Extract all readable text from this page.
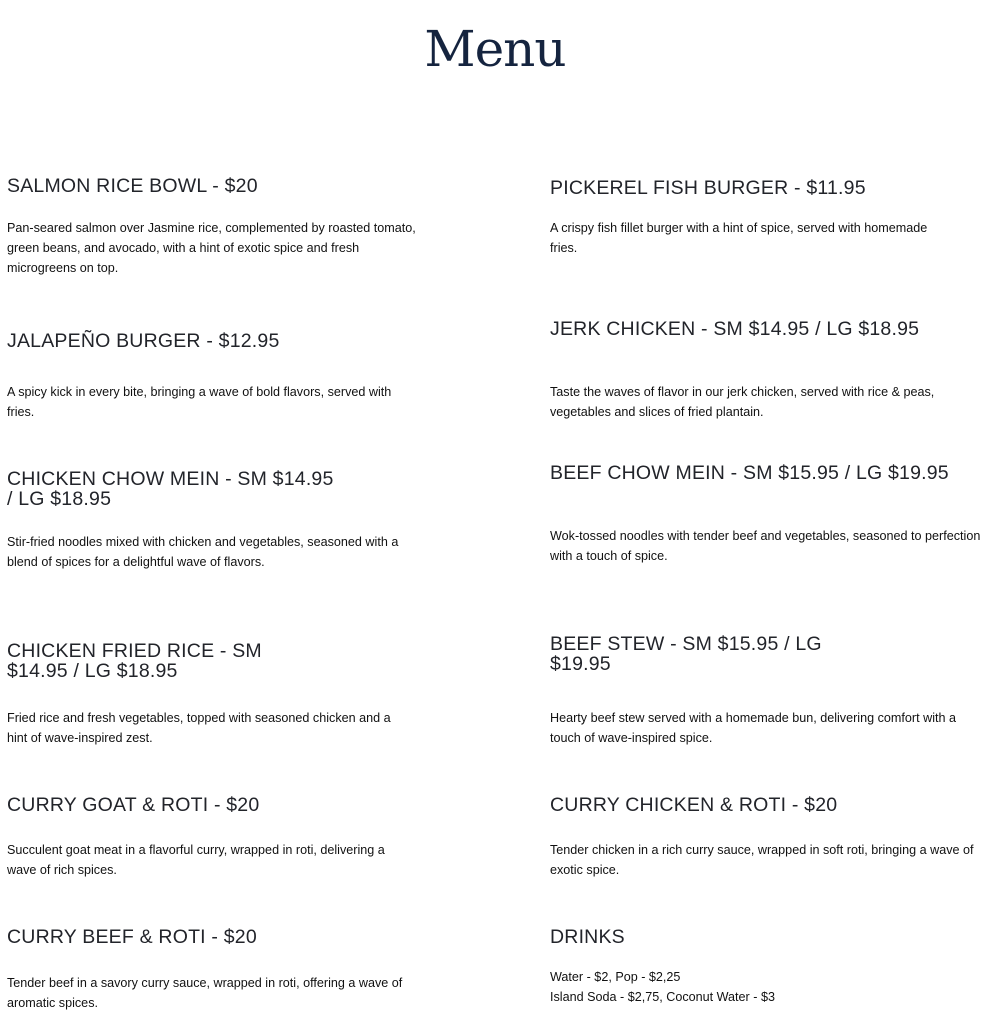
Menu
SALMON RICE BOWL - $20
Pan-seared salmon over Jasmine rice, complemented by roasted tomato, green beans, and avocado, with a hint of exotic spice and fresh microgreens on top.
PICKEREL FISH BURGER - $11.95
A crispy fish fillet burger with a hint of spice, served with homemade fries.
JALAPEÑO BURGER - $12.95
A spicy kick in every bite, bringing a wave of bold flavors, served with fries.
JERK CHICKEN - SM $14.95 / LG $18.95
Taste the waves of flavor in our jerk chicken, served with rice & peas, vegetables and slices of fried plantain.
CHICKEN CHOW MEIN - SM $14.95 / LG $18.95
Stir-fried noodles mixed with chicken and vegetables, seasoned with a blend of spices for a delightful wave of flavors.
BEEF CHOW MEIN - SM $15.95 / LG $19.95
Wok-tossed noodles with tender beef and vegetables, seasoned to perfection with a touch of spice.
CHICKEN FRIED RICE - SM $14.95 / LG $18.95
Fried rice and fresh vegetables, topped with seasoned chicken and a hint of wave-inspired zest.
BEEF STEW - SM $15.95 / LG $19.95
Hearty beef stew served with a homemade bun, delivering comfort with a touch of wave-inspired spice.
CURRY GOAT & ROTI - $20
Succulent goat meat in a flavorful curry, wrapped in roti, delivering a wave of rich spices.
CURRY CHICKEN & ROTI - $20
Tender chicken in a rich curry sauce, wrapped in soft roti, bringing a wave of exotic spice.
CURRY BEEF & ROTI - $20
Tender beef in a savory curry sauce, wrapped in roti, offering a wave of aromatic spices.
DRINKS
Water - $2, Pop - $2,25
Island Soda - $2,75, Coconut Water - $3
